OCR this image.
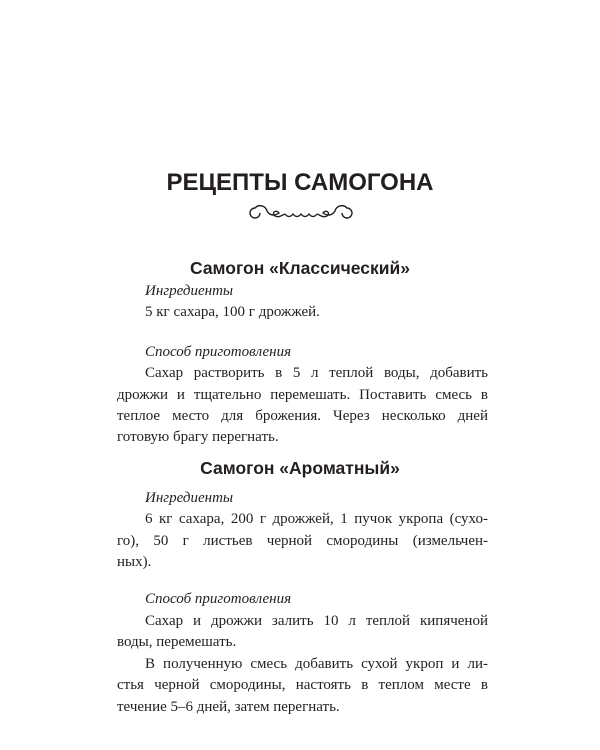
РЕЦЕПТЫ САМОГОНА
Самогон «Классический»
Ингредиенты
5 кг сахара, 100 г дрожжей.
Способ приготовления
Сахар растворить в 5 л теплой воды, добавить
дрожжи и тщательно перемешать. Поставить смесь в
теплое место для брожения. Через несколько дней
готовую брагу перегнать.
Самогон «Ароматный»
Ингредиенты
6 кг сахара, 200 г дрожжей, 1 пучок укропа (сухо-
го), 50 г листьев черной смородины (измельчен-
ных).
Способ приготовления
Сахар и дрожжи залить 10 л теплой кипяченой
воды, перемешать.
В полученную смесь добавить сухой укроп и ли-
стья черной смородины, настоять в теплом месте в
течение 5–6 дней, затем перегнать.
